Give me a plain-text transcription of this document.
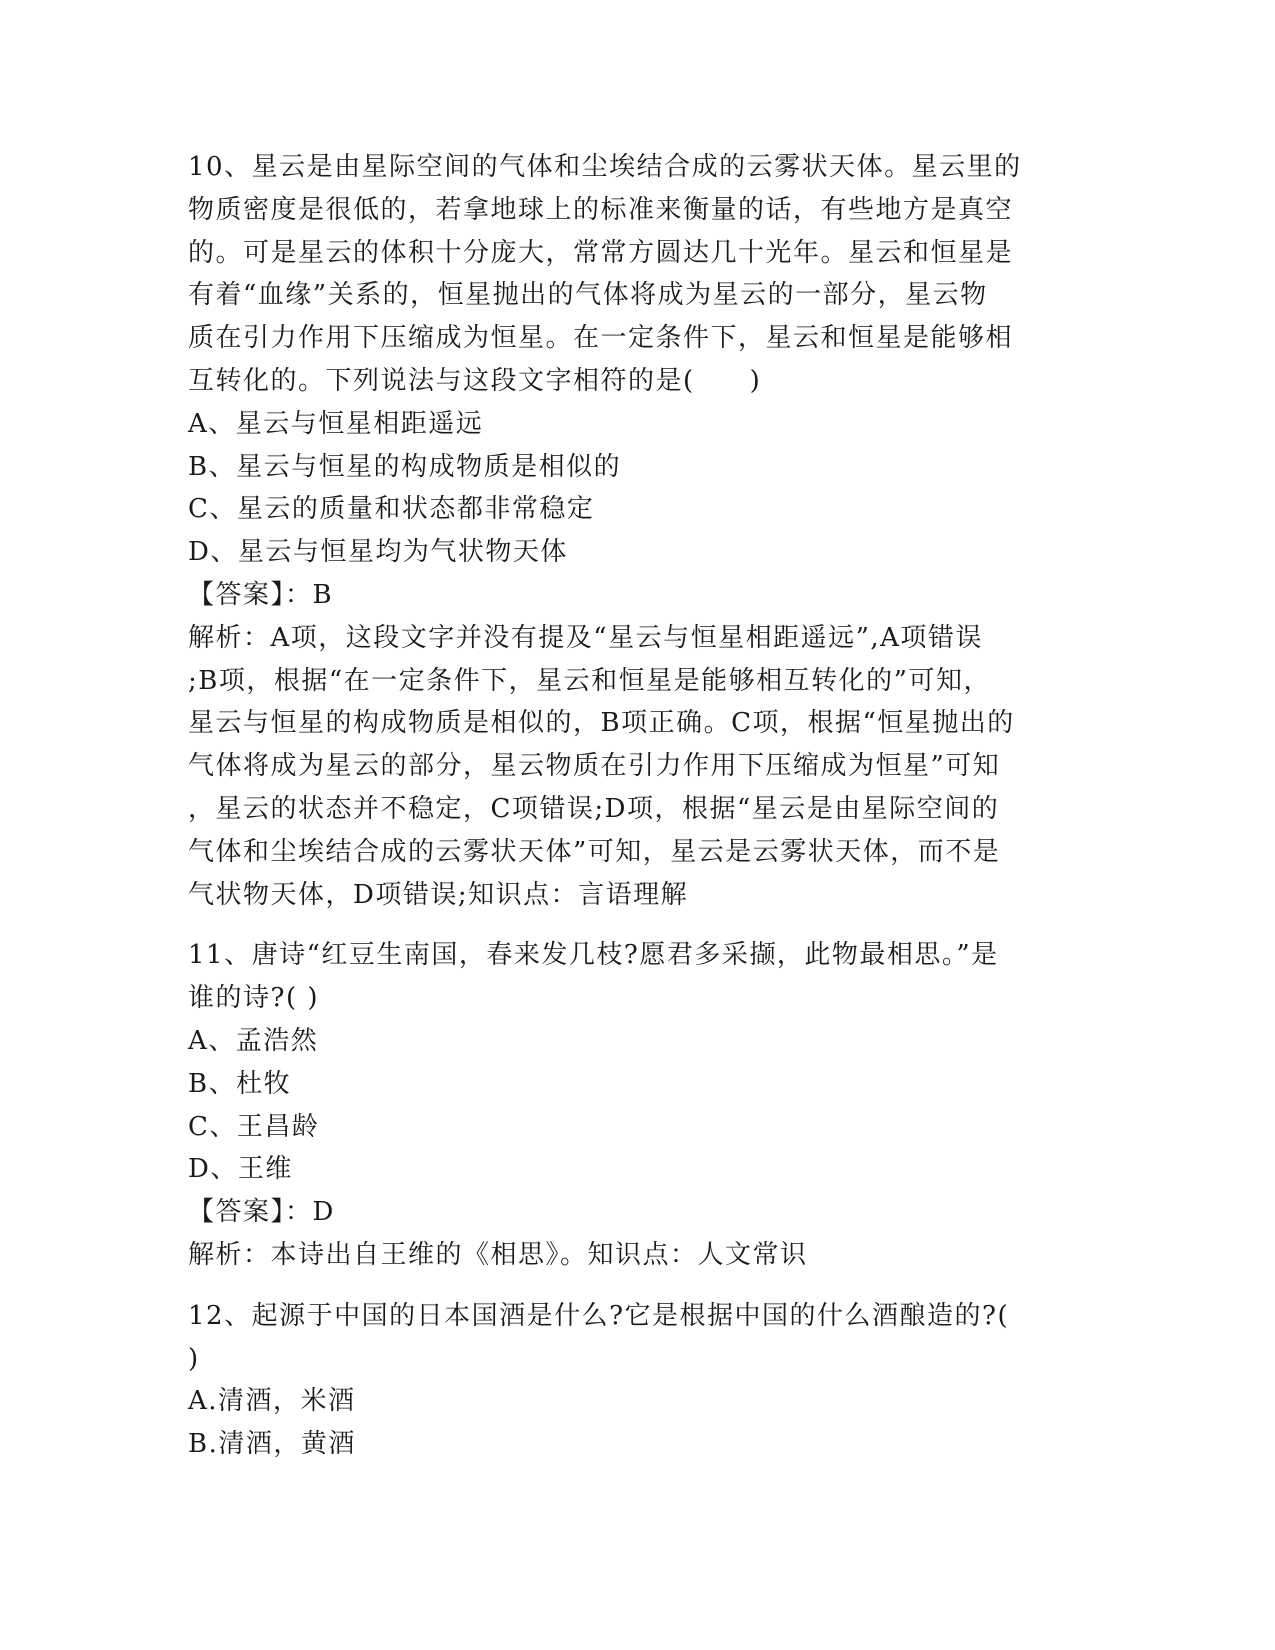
10、星云是由星际空间的气体和尘埃结合成的云雾状天体。星云里的
物质密度是很低的，若拿地球上的标准来衡量的话，有些地方是真空
的。可是星云的体积十分庞大，常常方圆达几十光年。星云和恒星是
有着“血缘”关系的，恒星抛出的气体将成为星云的一部分，星云物
质在引力作用下压缩成为恒星。在一定条件下，星云和恒星是能够相
互转化的。下列说法与这段文字相符的是(　　)
A、星云与恒星相距遥远
B、星云与恒星的构成物质是相似的
C、星云的质量和状态都非常稳定
D、星云与恒星均为气状物天体
【答案】：B
解析：A项，这段文字并没有提及“星云与恒星相距遥远”,A项错误
;B项，根据“在一定条件下，星云和恒星是能够相互转化的”可知，
星云与恒星的构成物质是相似的，B项正确。C项，根据“恒星抛出的
气体将成为星云的部分，星云物质在引力作用下压缩成为恒星”可知
，星云的状态并不稳定，C项错误;D项，根据“星云是由星际空间的
气体和尘埃结合成的云雾状天体”可知，星云是云雾状天体，而不是
气状物天体，D项错误;知识点：言语理解
11、唐诗“红豆生南国，春来发几枝?愿君多采撷，此物最相思。”是
谁的诗?( )
A、孟浩然
B、杜牧
C、王昌龄
D、王维
【答案】：D
解析：本诗出自王维的《相思》。知识点：人文常识
12、起源于中国的日本国酒是什么?它是根据中国的什么酒酿造的?(
)
A.清酒，米酒
B.清酒，黄酒
